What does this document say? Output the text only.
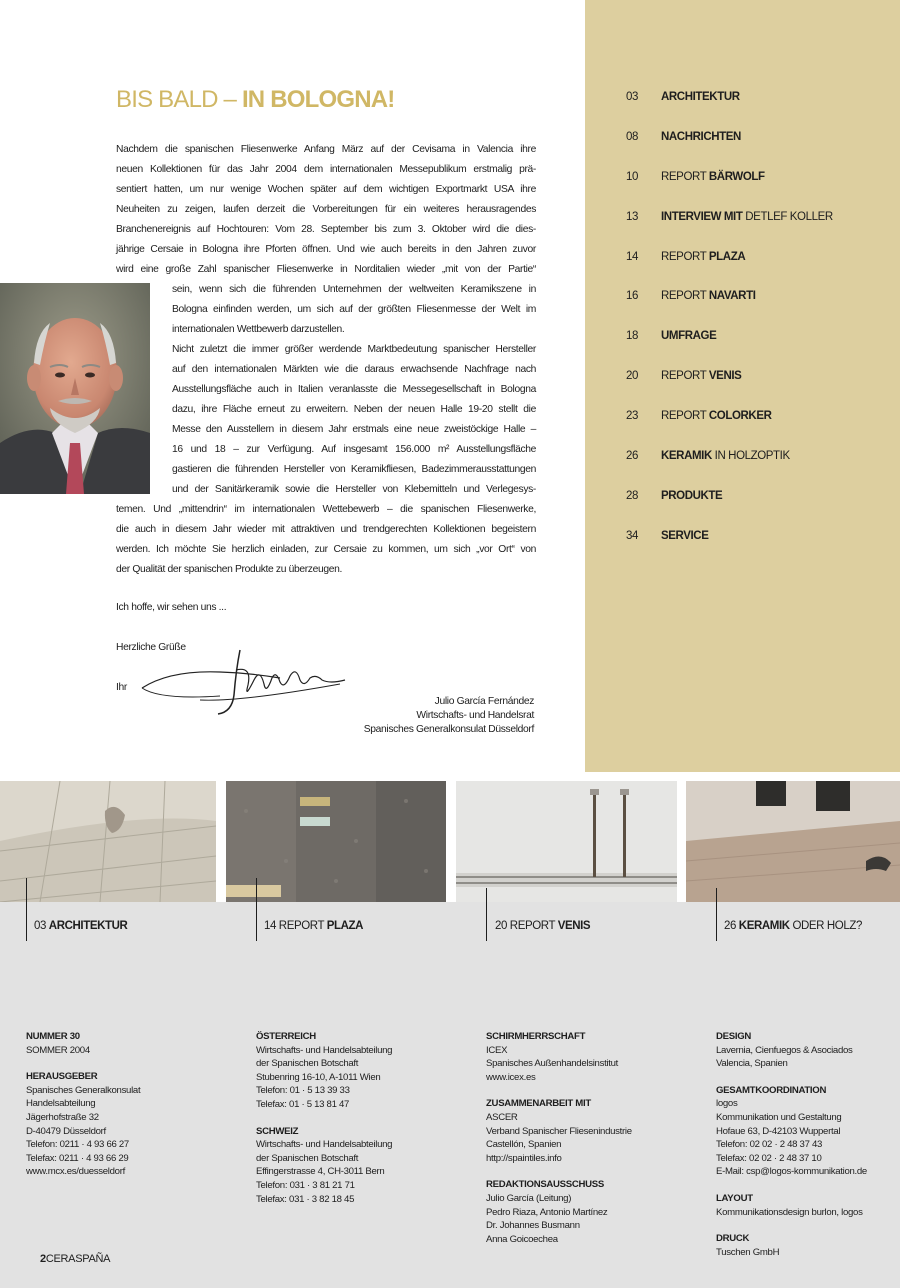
03	ARCHITEKTUR
08	NACHRICHTEN
10	REPORT BÄRWOLF
13	INTERVIEW MIT DETLEF KOLLER
14	REPORT PLAZA
16	REPORT NAVARTI
18	UMFRAGE
20	REPORT VENIS
23	REPORT COLORKER
26	KERAMIK IN HOLZOPTIK
28	PRODUKTE
34	SERVICE
BIS BALD – IN BOLOGNA!
Nachdem die spanischen Fliesenwerke Anfang März auf der Cevisama in Valencia ihre
neuen Kollektionen für das Jahr 2004 dem internationalen Messepublikum erstmalig prä-
sentiert hatten, um nur wenige Wochen später auf dem wichtigen Exportmarkt USA ihre
Neuheiten zu zeigen, laufen derzeit die Vorbereitungen für ein weiteres herausragendes
Branchenereignis auf Hochtouren: Vom 28. September bis zum 3. Oktober wird die dies-
jährige Cersaie in Bologna ihre Pforten öffnen. Und wie auch bereits in den Jahren zuvor
wird eine große Zahl spanischer Fliesenwerke in Norditalien wieder „mit von der Partie“
sein, wenn sich die führenden Unternehmen der weltweiten Keramikszene in
Bologna einfinden werden, um sich auf der größten Fliesenmesse der Welt im
internationalen Wettbewerb darzustellen.
Nicht zuletzt die immer größer werdende Marktbedeutung spanischer Hersteller
auf den internationalen Märkten wie die daraus erwachsende Nachfrage nach
Ausstellungsfläche auch in Italien veranlasste die Messegesellschaft in Bologna
dazu, ihre Fläche erneut zu erweitern. Neben der neuen Halle 19-20 stellt die
Messe den Ausstellern in diesem Jahr erstmals eine neue zweistöckige Halle –
16 und 18 – zur Verfügung. Auf insgesamt 156.000 m² Ausstellungsfläche
gastieren die führenden Hersteller von Keramikfliesen, Badezimmerausstattungen
und der Sanitärkeramik sowie die Hersteller von Klebemitteln und Verlegesys-
temen. Und „mittendrin“ im internationalen Wettebewerb – die spanischen Fliesenwerke,
die auch in diesem Jahr wieder mit attraktiven und trendgerechten Kollektionen begeistern
werden. Ich möchte Sie herzlich einladen, zur Cersaie zu kommen, um sich „vor Ort“ von
der Qualität der spanischen Produkte zu überzeugen.
Ich hoffe, wir sehen uns ...
Herzliche Grüße
Ihr
Julio García Fernández
Wirtschafts- und Handelsrat
Spanisches Generalkonsulat Düsseldorf
03 ARCHITEKTUR	14 REPORT PLAZA	20 REPORT VENIS	26 KERAMIK ODER HOLZ?
NUMMER 30
SOMMER 2004
HERAUSGEBER
Spanisches Generalkonsulat
Handelsabteilung
Jägerhofstraße 32
D-40479 Düsseldorf
Telefon: 0211 · 4 93 66 27
Telefax: 0211 · 4 93 66 29
www.mcx.es/duesseldorf
ÖSTERREICH
Wirtschafts- und Handelsabteilung
der Spanischen Botschaft
Stubenring 16-10, A-1011 Wien
Telefon: 01 · 5 13 39 33
Telefax: 01 · 5 13 81 47
SCHWEIZ
Wirtschafts- und Handelsabteilung
der Spanischen Botschaft
Effingerstrasse 4, CH-3011 Bern
Telefon: 031 · 3 81 21 71
Telefax: 031 · 3 82 18 45
SCHIRMHERRSCHAFT
ICEX
Spanisches Außenhandelsinstitut
www.icex.es
ZUSAMMENARBEIT MIT
ASCER
Verband Spanischer Fliesenindustrie
Castellón, Spanien
http://spaintiles.info
REDAKTIONSAUSSCHUSS
Julio García (Leitung)
Pedro Riaza, Antonio Martínez
Dr. Johannes Busmann
Anna Goicoechea
DESIGN
Lavernia, Cienfuegos & Asociados
Valencia, Spanien
GESAMTKOORDINATION
logos
Kommunikation und Gestaltung
Hofaue 63, D-42103 Wuppertal
Telefon: 02 02 · 2 48 37 43
Telefax: 02 02 · 2 48 37 10
E-Mail: csp@logos-kommunikation.de
LAYOUT
Kommunikationsdesign burlon, logos
DRUCK
Tuschen GmbH
2CERASPAÑA
